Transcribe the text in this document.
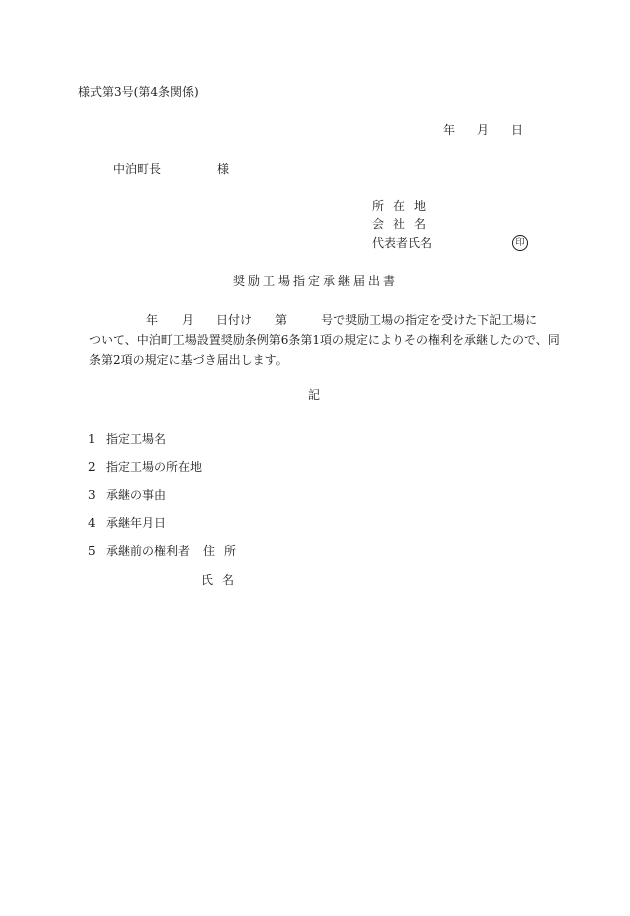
様式第3号(第4条関係)
年 月 日
中泊町長	様
所在地
会社名
代表者氏名	印
奨励工場指定承継届出書
年 月 日付け 第	号で奨励工場の指定を受けた下記工場に
ついて、中泊町工場設置奨励条例第6条第1項の規定によりその権利を承継したので、同
条第2項の規定に基づき届出します。
記
1 指定工場名
2 指定工場の所在地
3 承継の事由
4 承継年月日
5 承継前の権利者 住所
氏名
